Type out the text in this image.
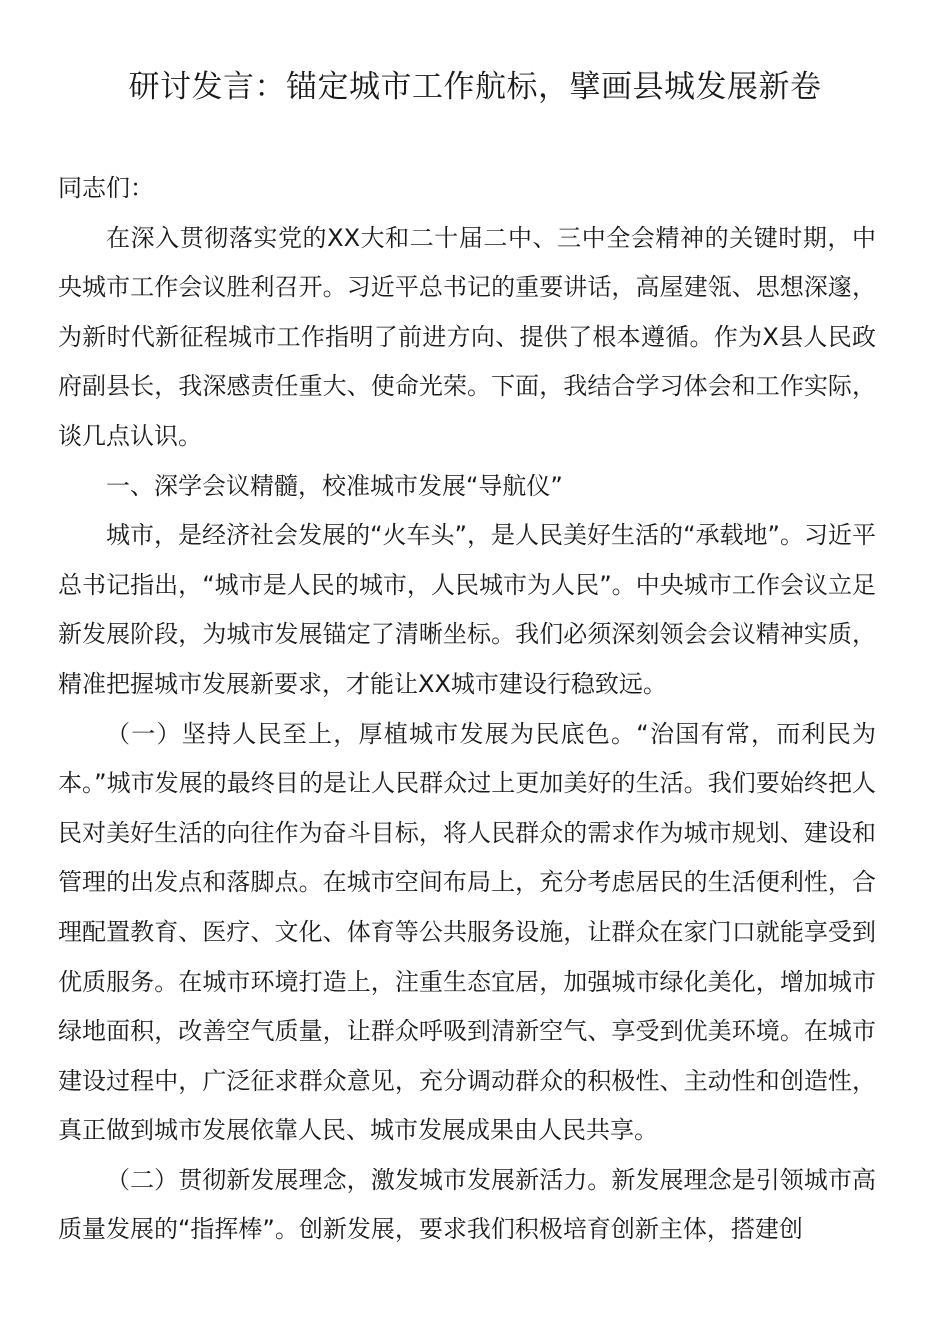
研讨发言：锚定城市工作航标，擘画县城发展新卷

同志们：

在深入贯彻落实党的XX大和二十届二中、三中全会精神的关键时期，中央城市工作会议胜利召开。习近平总书记的重要讲话，高屋建瓴、思想深邃，为新时代新征程城市工作指明了前进方向、提供了根本遵循。作为X县人民政府副县长，我深感责任重大、使命光荣。下面，我结合学习体会和工作实际，谈几点认识。

一、深学会议精髓，校准城市发展“导航仪”

城市，是经济社会发展的“火车头”，是人民美好生活的“承载地”。习近平总书记指出，“城市是人民的城市，人民城市为人民”。中央城市工作会议立足新发展阶段，为城市发展锚定了清晰坐标。我们必须深刻领会会议精神实质，精准把握城市发展新要求，才能让XX城市建设行稳致远。

（一）坚持人民至上，厚植城市发展为民底色。“治国有常，而利民为本。”城市发展的最终目的是让人民群众过上更加美好的生活。我们要始终把人民对美好生活的向往作为奋斗目标，将人民群众的需求作为城市规划、建设和管理的出发点和落脚点。在城市空间布局上，充分考虑居民的生活便利性，合理配置教育、医疗、文化、体育等公共服务设施，让群众在家门口就能享受到优质服务。在城市环境打造上，注重生态宜居，加强城市绿化美化，增加城市绿地面积，改善空气质量，让群众呼吸到清新空气、享受到优美环境。在城市建设过程中，广泛征求群众意见，充分调动群众的积极性、主动性和创造性，真正做到城市发展依靠人民、城市发展成果由人民共享。

（二）贯彻新发展理念，激发城市发展新活力。新发展理念是引领城市高质量发展的“指挥棒”。创新发展，要求我们积极培育创新主体，搭建创
